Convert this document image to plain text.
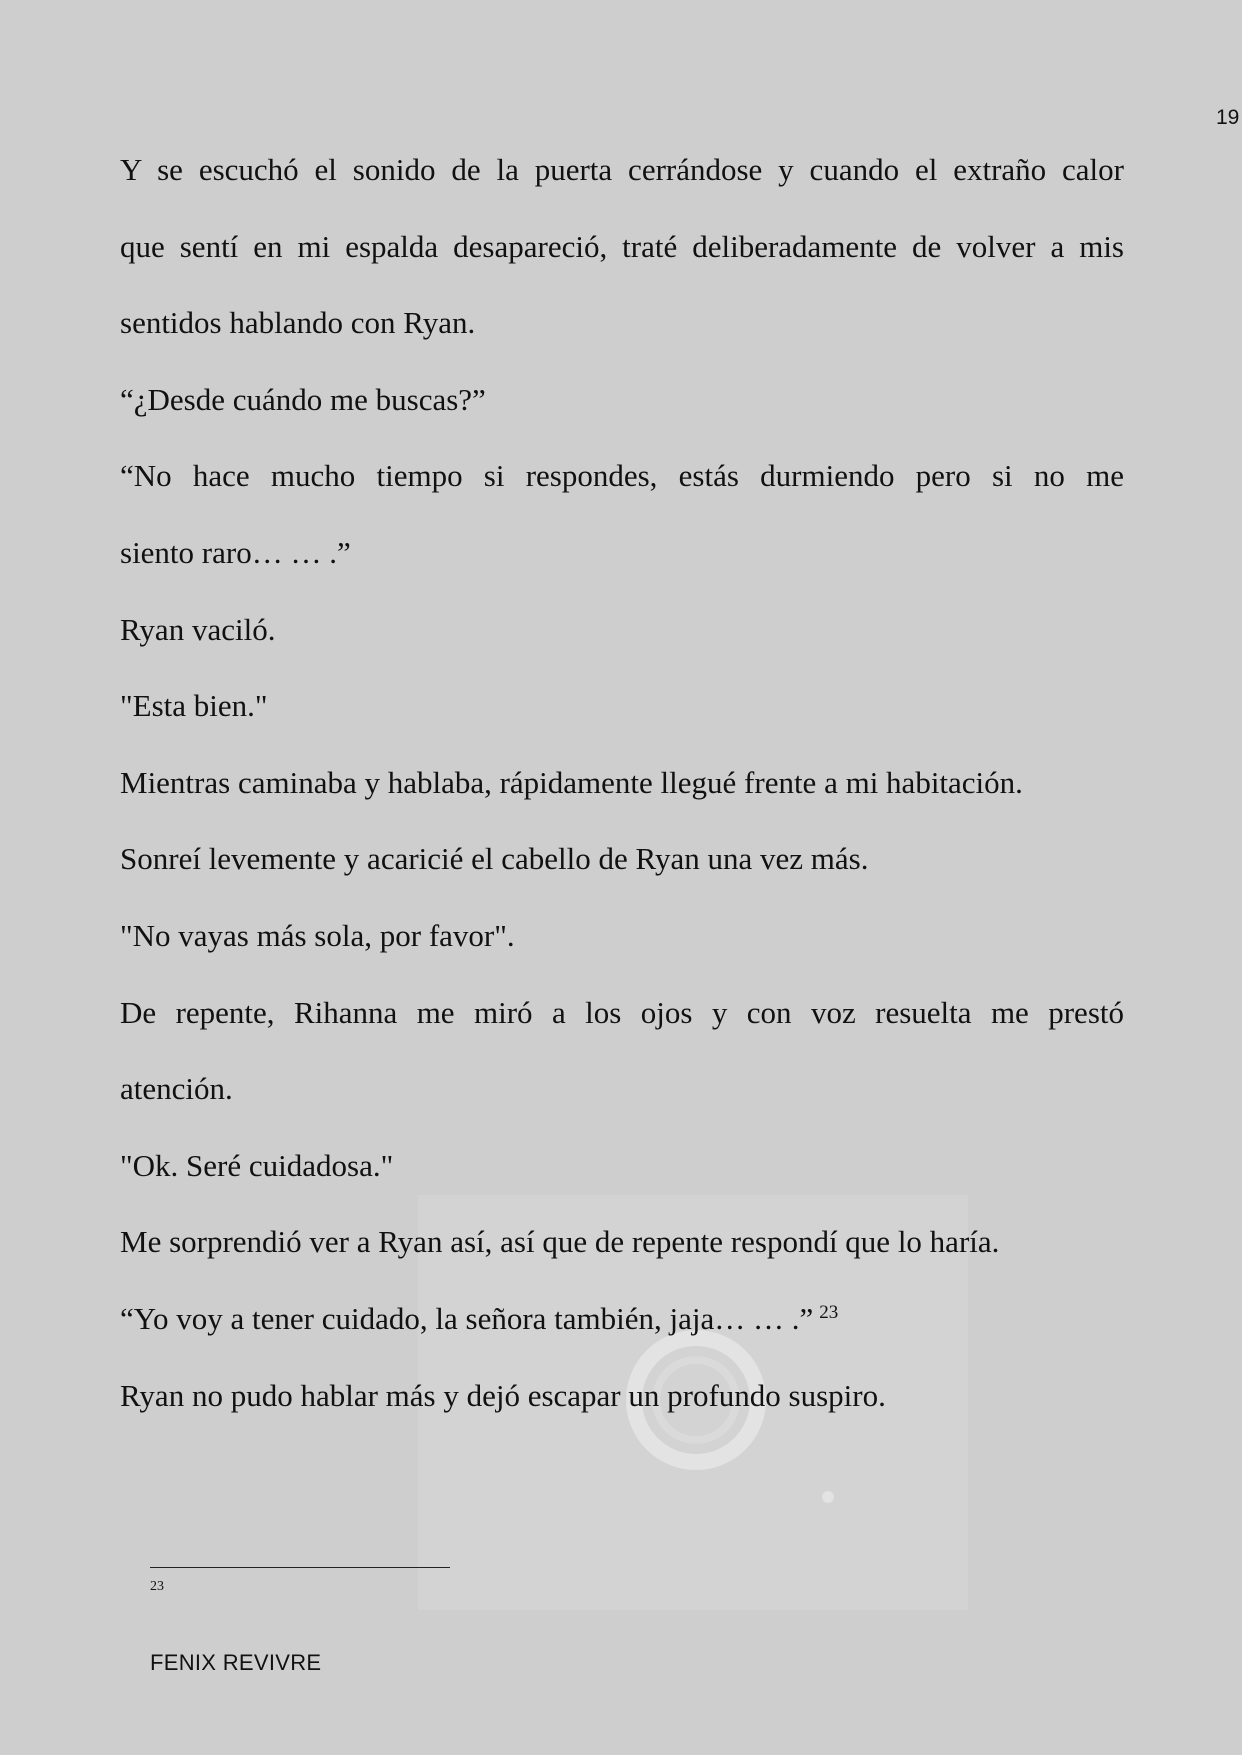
19
Y se escuchó el sonido de la puerta cerrándose y cuando el extraño calor
que sentí en mi espalda desapareció, traté deliberadamente de volver a mis
sentidos hablando con Ryan.
“¿Desde cuándo me buscas?”
“No hace mucho tiempo si respondes, estás durmiendo pero si no me
siento raro… … .”
Ryan vaciló.
"Esta bien."
Mientras caminaba y hablaba, rápidamente llegué frente a mi habitación.
Sonreí levemente y acaricié el cabello de Ryan una vez más.
"No vayas más sola, por favor".
De repente, Rihanna me miró a los ojos y con voz resuelta me prestó
atención.
"Ok. Seré cuidadosa."
Me sorprendió ver a Ryan así, así que de repente respondí que lo haría.
“Yo voy a tener cuidado, la señora también, jaja… … .” $^{23}$
Ryan no pudo hablar más y dejó escapar un profundo suspiro.
23
FENIX REVIVRE
